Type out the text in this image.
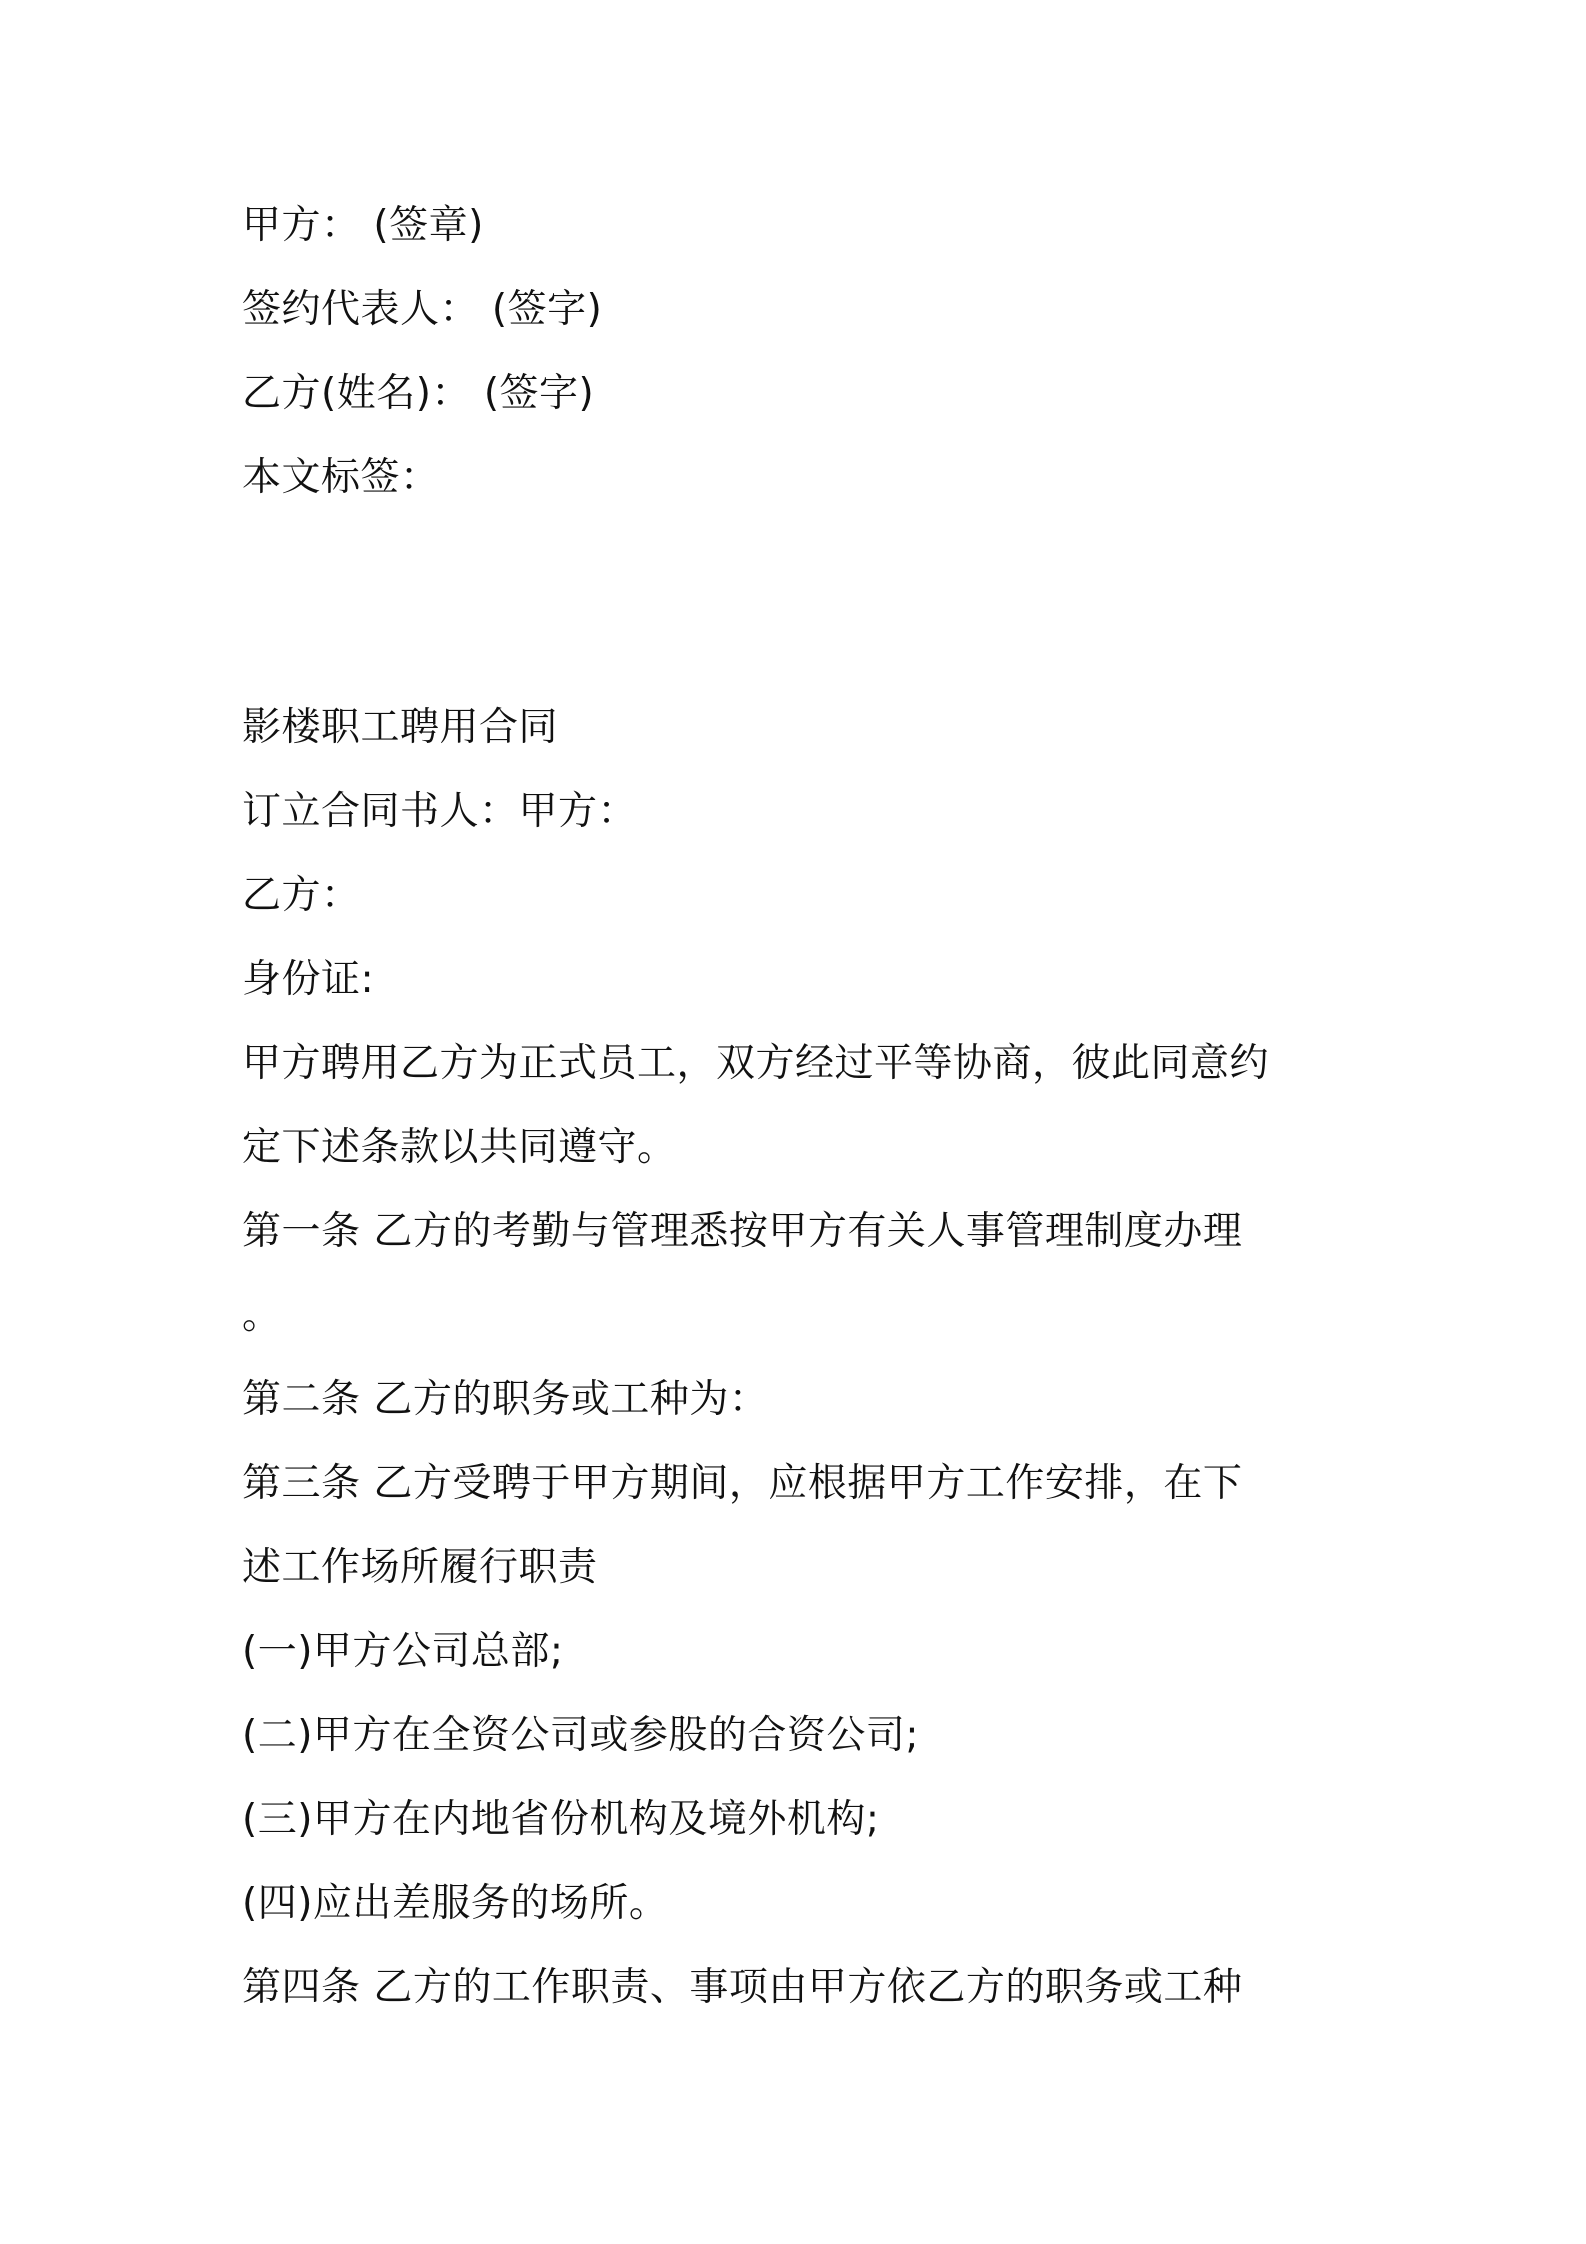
甲方： (签章)
签约代表人： (签字)
乙方(姓名)： (签字)
本文标签：
影楼职工聘用合同
订立合同书人：甲方：
乙方：
身份证:
甲方聘用乙方为正式员工，双方经过平等协商，彼此同意约
定下述条款以共同遵守。
第一条 乙方的考勤与管理悉按甲方有关人事管理制度办理
。
第二条 乙方的职务或工种为：
第三条 乙方受聘于甲方期间，应根据甲方工作安排，在下
述工作场所履行职责
(一)甲方公司总部;
(二)甲方在全资公司或参股的合资公司;
(三)甲方在内地省份机构及境外机构;
(四)应出差服务的场所。
第四条 乙方的工作职责、事项由甲方依乙方的职务或工种
